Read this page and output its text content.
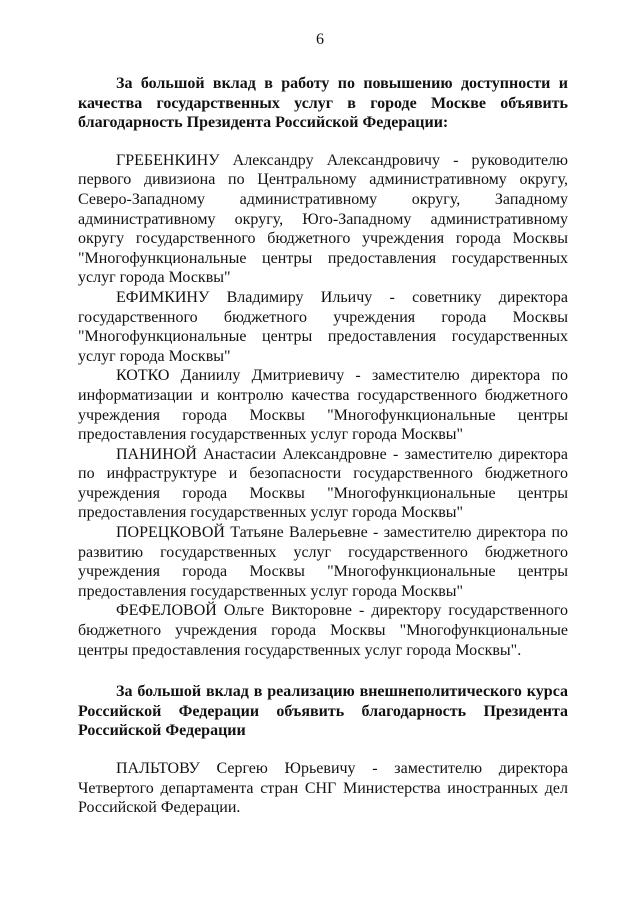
6

За большой вклад в работу по повышению доступности и качества государственных услуг в городе Москве объявить благодарность Президента Российской Федерации:

ГРЕБЕНКИНУ Александру Александровичу - руководителю первого дивизиона по Центральному административному округу, Северо-Западному административному округу, Западному административному округу, Юго-Западному административному округу государственного бюджетного учреждения города Москвы "Многофункциональные центры предоставления государственных услуг города Москвы"

ЕФИМКИНУ Владимиру Ильичу - советнику директора государственного бюджетного учреждения города Москвы "Многофункциональные центры предоставления государственных услуг города Москвы"

КОТКО Даниилу Дмитриевичу - заместителю директора по информатизации и контролю качества государственного бюджетного учреждения города Москвы "Многофункциональные центры предоставления государственных услуг города Москвы"

ПАНИНОЙ Анастасии Александровне - заместителю директора по инфраструктуре и безопасности государственного бюджетного учреждения города Москвы "Многофункциональные центры предоставления государственных услуг города Москвы"

ПОРЕЦКОВОЙ Татьяне Валерьевне - заместителю директора по развитию государственных услуг государственного бюджетного учреждения города Москвы "Многофункциональные центры предоставления государственных услуг города Москвы"

ФЕФЕЛОВОЙ Ольге Викторовне - директору государственного бюджетного учреждения города Москвы "Многофункциональные центры предоставления государственных услуг города Москвы".

За большой вклад в реализацию внешнеполитического курса Российской Федерации объявить благодарность Президента Российской Федерации

ПАЛЬТОВУ Сергею Юрьевичу - заместителю директора Четвертого департамента стран СНГ Министерства иностранных дел Российской Федерации.
